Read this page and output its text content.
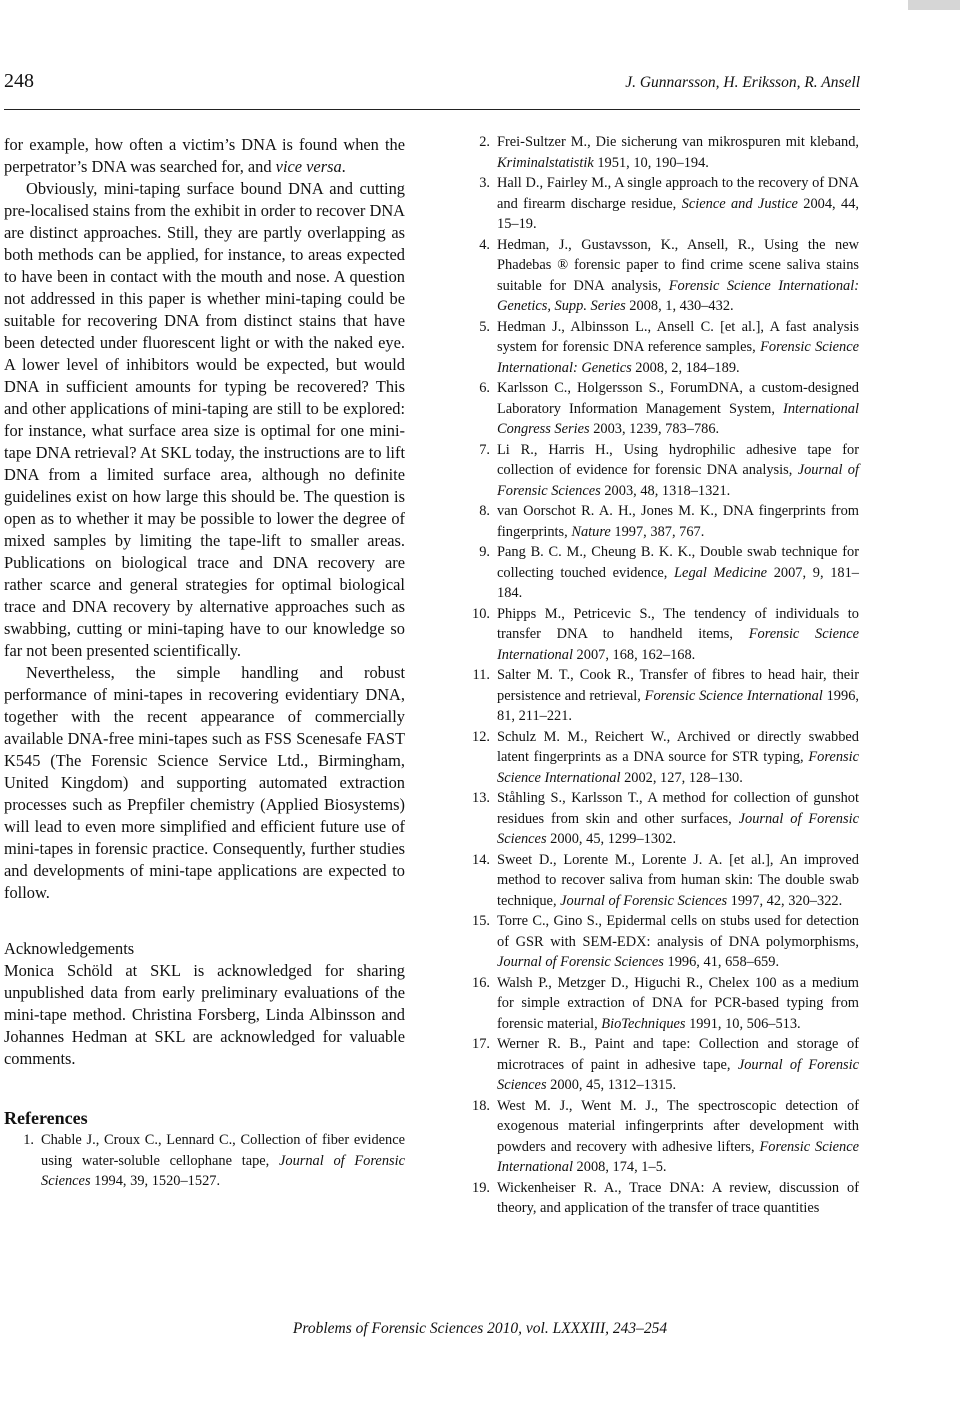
248	J. Gunnarsson, H. Eriksson, R. Ansell

for example, how often a victim’s DNA is found when the perpetrator’s DNA was searched for, and vice versa.

Obviously, mini-taping surface bound DNA and cutting pre-localised stains from the exhibit in order to recover DNA are distinct approaches. Still, they are partly overlapping as both methods can be applied, for instance, to areas expected to have been in contact with the mouth and nose. A question not addressed in this paper is whether mini-taping could be suitable for recovering DNA from distinct stains that have been detected under fluorescent light or with the naked eye. A lower level of inhibitors would be expected, but would DNA in sufficient amounts for typing be recovered? This and other applications of mini-taping are still to be explored: for instance, what surface area size is optimal for one mini-tape DNA retrieval? At SKL today, the instructions are to lift DNA from a limited surface area, although no definite guidelines exist on how large this should be. The question is open as to whether it may be possible to lower the degree of mixed samples by limiting the tape-lift to smaller areas. Publications on biological trace and DNA recovery are rather scarce and general strategies for optimal biological trace and DNA recovery by alternative approaches such as swabbing, cutting or mini-taping have to our knowledge so far not been presented scientifically.

Nevertheless, the simple handling and robust performance of mini-tapes in recovering evidentiary DNA, together with the recent appearance of commercially available DNA-free mini-tapes such as FSS Scenesafe FAST K545 (The Forensic Science Service Ltd., Birmingham, United Kingdom) and supporting automated extraction processes such as Prepfiler chemistry (Applied Biosystems) will lead to even more simplified and efficient future use of mini-tapes in forensic practice. Consequently, further studies and developments of mini-tape applications are expected to follow.

Acknowledgements

Monica Schöld at SKL is acknowledged for sharing unpublished data from early preliminary evaluations of the mini-tape method. Christina Forsberg, Linda Albinsson and Johannes Hedman at SKL are acknowledged for valuable comments.

References
1. Chable J., Croux C., Lennard C., Collection of fiber evidence using water-soluble cellophane tape, Journal of Forensic Sciences 1994, 39, 1520–1527.
2. Frei-Sultzer M., Die sicherung van mikrospuren mit kleband, Kriminalstatistik 1951, 10, 190–194.
3. Hall D., Fairley M., A single approach to the recovery of DNA and firearm discharge residue, Science and Justice 2004, 44, 15–19.
4. Hedman, J., Gustavsson, K., Ansell, R., Using the new Phadebas ® forensic paper to find crime scene saliva stains suitable for DNA analysis, Forensic Science International: Genetics, Supp. Series 2008, 1, 430–432.
5. Hedman J., Albinsson L., Ansell C. [et al.], A fast analysis system for forensic DNA reference samples, Forensic Science International: Genetics 2008, 2, 184–189.
6. Karlsson C., Holgersson S., ForumDNA, a custom-designed Laboratory Information Management System, International Congress Series 2003, 1239, 783–786.
7. Li R., Harris H., Using hydrophilic adhesive tape for collection of evidence for forensic DNA analysis, Journal of Forensic Sciences 2003, 48, 1318–1321.
8. van Oorschot R. A. H., Jones M. K., DNA fingerprints from fingerprints, Nature 1997, 387, 767.
9. Pang B. C. M., Cheung B. K. K., Double swab technique for collecting touched evidence, Legal Medicine 2007, 9, 181–184.
10. Phipps M., Petricevic S., The tendency of individuals to transfer DNA to handheld items, Forensic Science International 2007, 168, 162–168.
11. Salter M. T., Cook R., Transfer of fibres to head hair, their persistence and retrieval, Forensic Science International 1996, 81, 211–221.
12. Schulz M. M., Reichert W., Archived or directly swabbed latent fingerprints as a DNA source for STR typing, Forensic Science International 2002, 127, 128–130.
13. Ståhling S., Karlsson T., A method for collection of gunshot residues from skin and other surfaces, Journal of Forensic Sciences 2000, 45, 1299–1302.
14. Sweet D., Lorente M., Lorente J. A. [et al.], An improved method to recover saliva from human skin: The double swab technique, Journal of Forensic Sciences 1997, 42, 320–322.
15. Torre C., Gino S., Epidermal cells on stubs used for detection of GSR with SEM-EDX: analysis of DNA polymorphisms, Journal of Forensic Sciences 1996, 41, 658–659.
16. Walsh P., Metzger D., Higuchi R., Chelex 100 as a medium for simple extraction of DNA for PCR-based typing from forensic material, BioTechniques 1991, 10, 506–513.
17. Werner R. B., Paint and tape: Collection and storage of microtraces of paint in adhesive tape, Journal of Forensic Sciences 2000, 45, 1312–1315.
18. West M. J., Went M. J., The spectroscopic detection of exogenous material infingerprints after development with powders and recovery with adhesive lifters, Forensic Science International 2008, 174, 1–5.
19. Wickenheiser R. A., Trace DNA: A review, discussion of theory, and application of the transfer of trace quantities
Problems of Forensic Sciences 2010, vol. LXXXIII, 243–254
